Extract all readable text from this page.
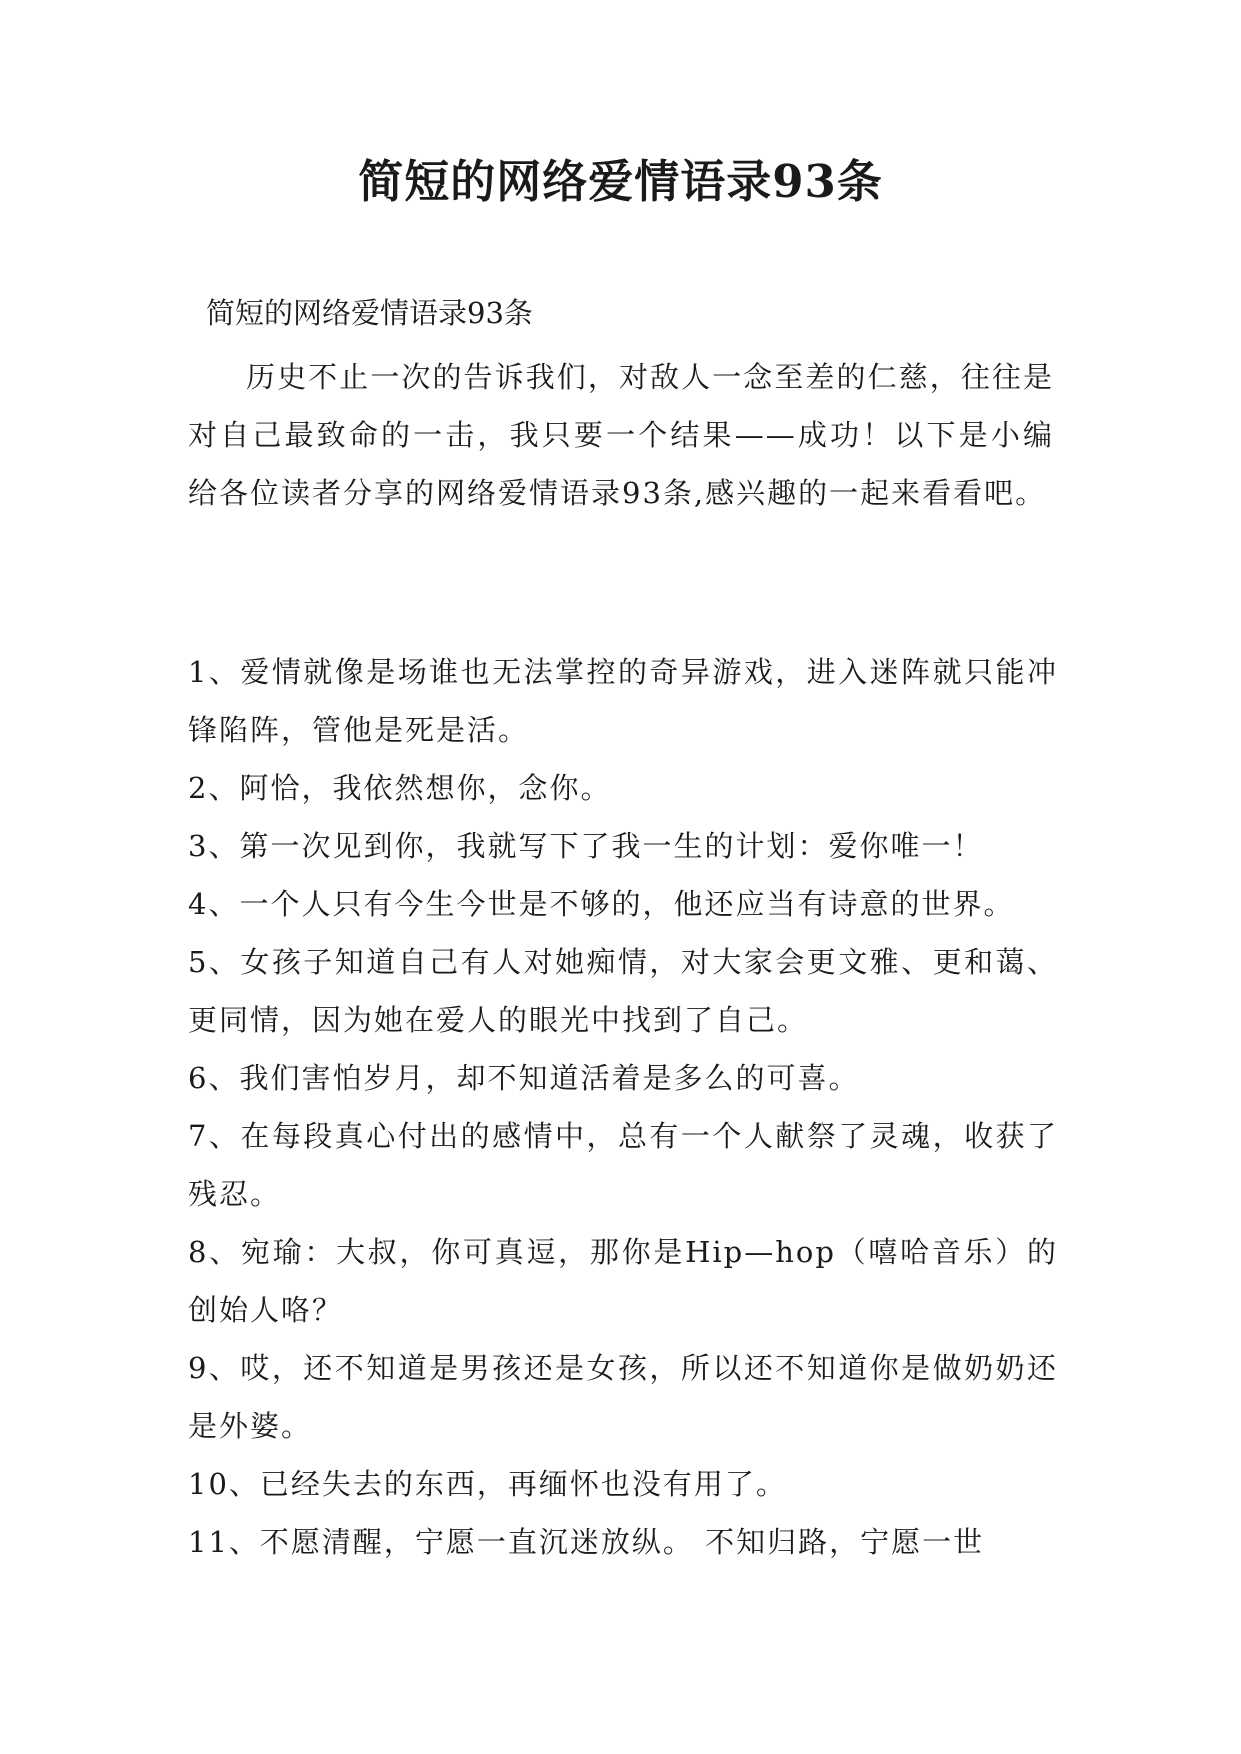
简短的网络爱情语录93条
简短的网络爱情语录93条

历史不止一次的告诉我们，对敌人一念至差的仁慈，往往是对自己最致命的一击，我只要一个结果——成功！以下是小编给各位读者分享的网络爱情语录93条,感兴趣的一起来看看吧。

1、爱情就像是场谁也无法掌控的奇异游戏，进入迷阵就只能冲锋陷阵，管他是死是活。
2、阿恰，我依然想你，念你。
3、第一次见到你，我就写下了我一生的计划：爱你唯一！
4、一个人只有今生今世是不够的，他还应当有诗意的世界。
5、女孩子知道自己有人对她痴情，对大家会更文雅、更和蔼、更同情，因为她在爱人的眼光中找到了自己。
6、我们害怕岁月，却不知道活着是多么的可喜。
7、在每段真心付出的感情中，总有一个人献祭了灵魂，收获了残忍。
8、宛瑜：大叔，你可真逗，那你是Hip—hop（嘻哈音乐）的创始人咯？
9、哎，还不知道是男孩还是女孩，所以还不知道你是做奶奶还是外婆。
10、已经失去的东西，再缅怀也没有用了。
11、不愿清醒，宁愿一直沉迷放纵。 不知归路，宁愿一世
